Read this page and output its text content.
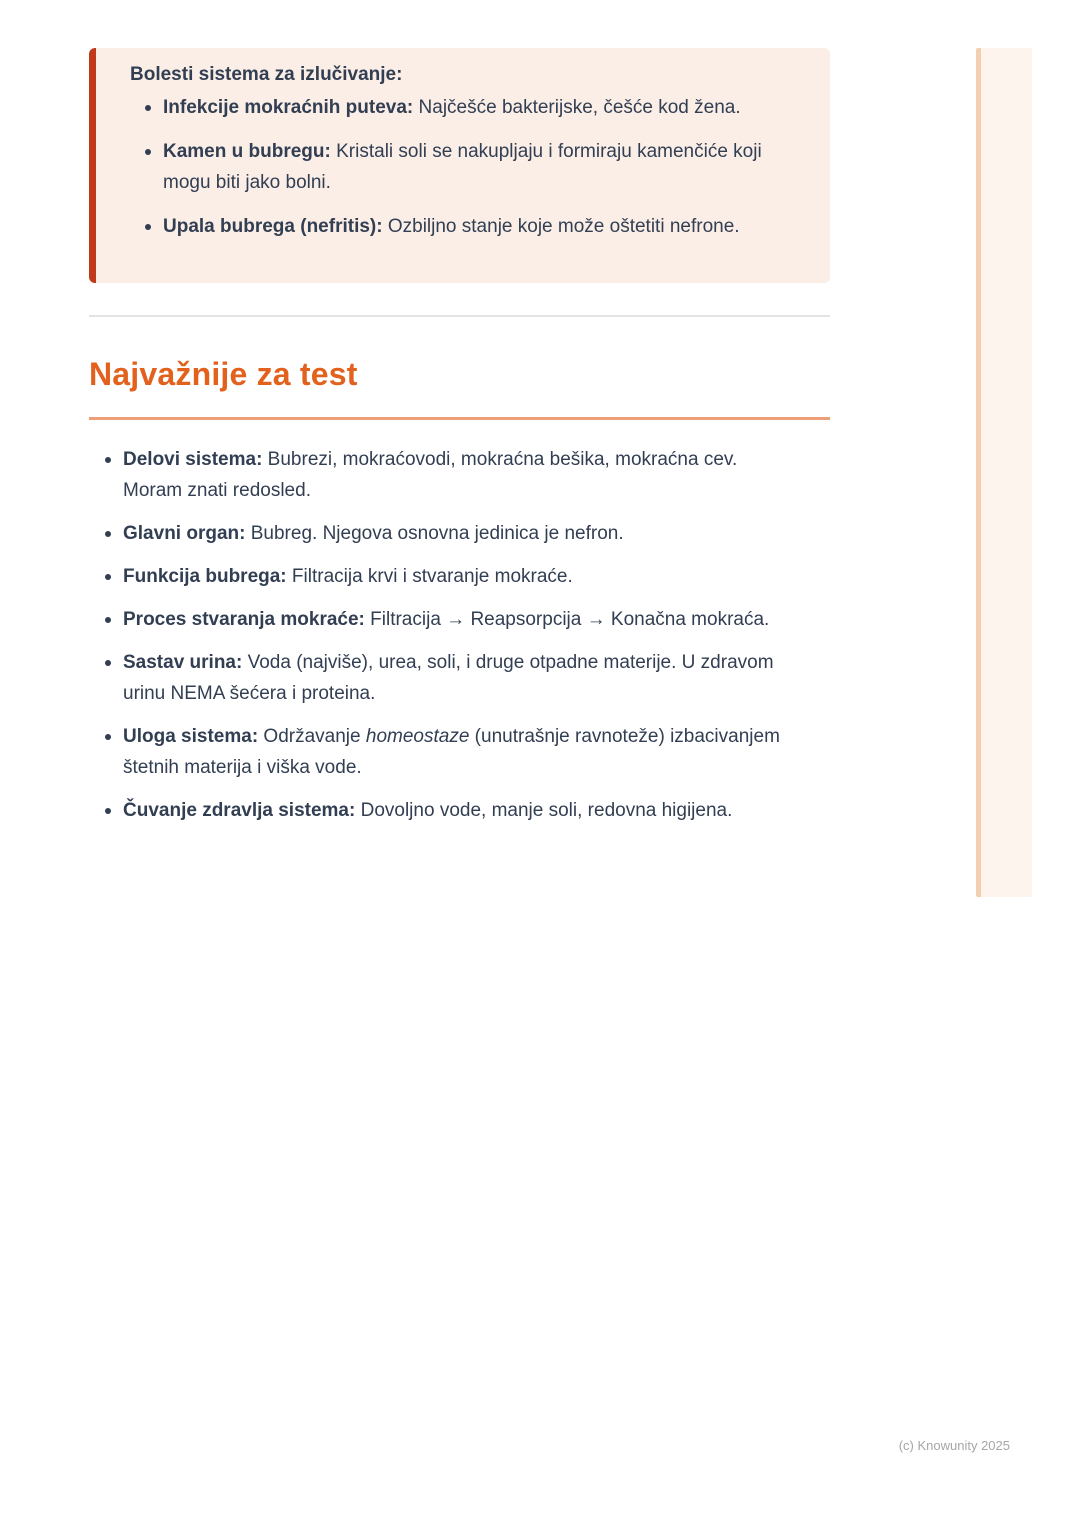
Bolesti sistema za izlučivanje:
Infekcije mokraćnih puteva: Najčešće bakterijske, češće kod žena.
Kamen u bubregu: Kristali soli se nakupljaju i formiraju kamenčiće koji mogu biti jako bolni.
Upala bubrega (nefritis): Ozbiljno stanje koje može oštetiti nefrone.
Najvažnije za test
Delovi sistema: Bubrezi, mokraćovodi, mokraćna bešika, mokraćna cev. Moram znati redosled.
Glavni organ: Bubreg. Njegova osnovna jedinica je nefron.
Funkcija bubrega: Filtracija krvi i stvaranje mokraće.
Proces stvaranja mokraće: Filtracija → Reapsorpcija → Konačna mokraća.
Sastav urina: Voda (najviše), urea, soli, i druge otpadne materije. U zdravom urinu NEMA šećera i proteina.
Uloga sistema: Održavanje homeostaze (unutrašnje ravnoteže) izbacivanjem štetnih materija i viška vode.
Čuvanje zdravlja sistema: Dovoljno vode, manje soli, redovna higijena.
(c) Knowunity 2025
